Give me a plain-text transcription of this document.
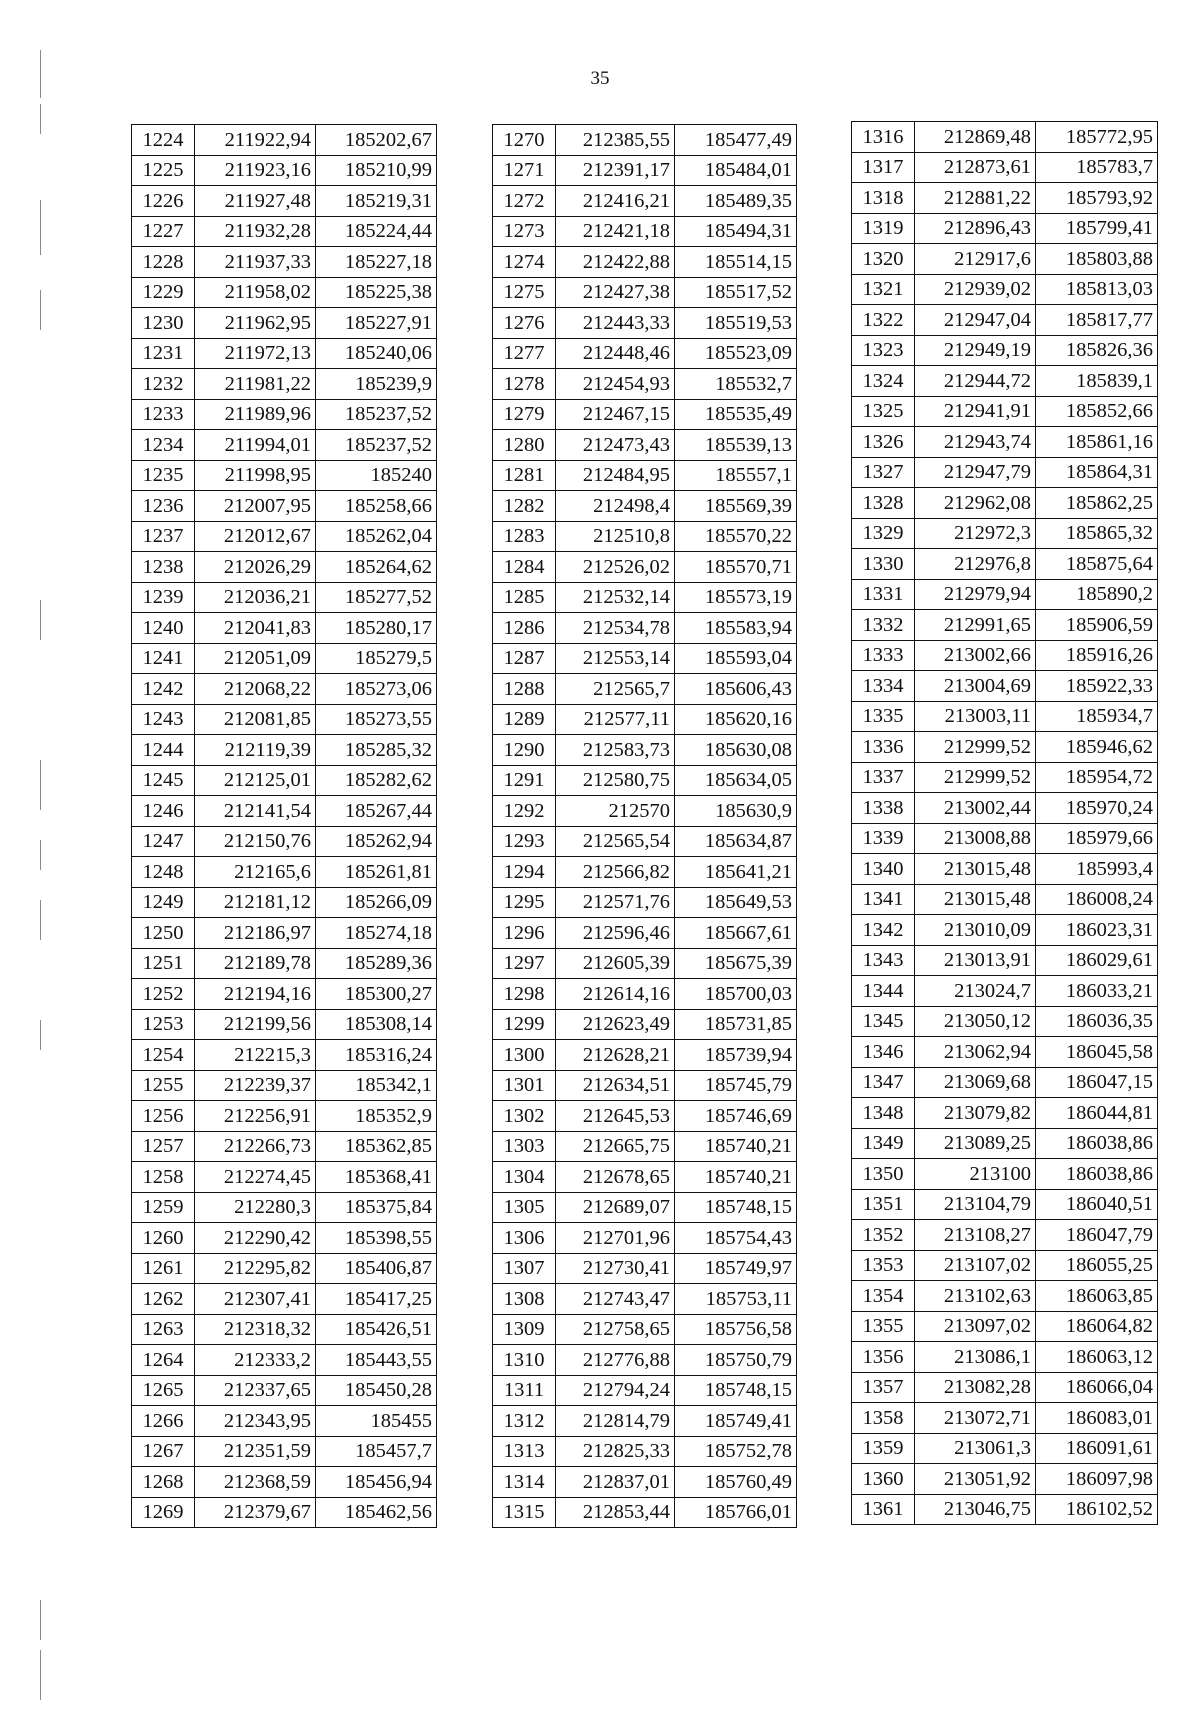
35
1224	211922,94	185202,67
1225	211923,16	185210,99
1226	211927,48	185219,31
1227	211932,28	185224,44
1228	211937,33	185227,18
1229	211958,02	185225,38
1230	211962,95	185227,91
1231	211972,13	185240,06
1232	211981,22	185239,9
1233	211989,96	185237,52
1234	211994,01	185237,52
1235	211998,95	185240
1236	212007,95	185258,66
1237	212012,67	185262,04
1238	212026,29	185264,62
1239	212036,21	185277,52
1240	212041,83	185280,17
1241	212051,09	185279,5
1242	212068,22	185273,06
1243	212081,85	185273,55
1244	212119,39	185285,32
1245	212125,01	185282,62
1246	212141,54	185267,44
1247	212150,76	185262,94
1248	212165,6	185261,81
1249	212181,12	185266,09
1250	212186,97	185274,18
1251	212189,78	185289,36
1252	212194,16	185300,27
1253	212199,56	185308,14
1254	212215,3	185316,24
1255	212239,37	185342,1
1256	212256,91	185352,9
1257	212266,73	185362,85
1258	212274,45	185368,41
1259	212280,3	185375,84
1260	212290,42	185398,55
1261	212295,82	185406,87
1262	212307,41	185417,25
1263	212318,32	185426,51
1264	212333,2	185443,55
1265	212337,65	185450,28
1266	212343,95	185455
1267	212351,59	185457,7
1268	212368,59	185456,94
1269	212379,67	185462,56
1270	212385,55	185477,49
1271	212391,17	185484,01
1272	212416,21	185489,35
1273	212421,18	185494,31
1274	212422,88	185514,15
1275	212427,38	185517,52
1276	212443,33	185519,53
1277	212448,46	185523,09
1278	212454,93	185532,7
1279	212467,15	185535,49
1280	212473,43	185539,13
1281	212484,95	185557,1
1282	212498,4	185569,39
1283	212510,8	185570,22
1284	212526,02	185570,71
1285	212532,14	185573,19
1286	212534,78	185583,94
1287	212553,14	185593,04
1288	212565,7	185606,43
1289	212577,11	185620,16
1290	212583,73	185630,08
1291	212580,75	185634,05
1292	212570	185630,9
1293	212565,54	185634,87
1294	212566,82	185641,21
1295	212571,76	185649,53
1296	212596,46	185667,61
1297	212605,39	185675,39
1298	212614,16	185700,03
1299	212623,49	185731,85
1300	212628,21	185739,94
1301	212634,51	185745,79
1302	212645,53	185746,69
1303	212665,75	185740,21
1304	212678,65	185740,21
1305	212689,07	185748,15
1306	212701,96	185754,43
1307	212730,41	185749,97
1308	212743,47	185753,11
1309	212758,65	185756,58
1310	212776,88	185750,79
1311	212794,24	185748,15
1312	212814,79	185749,41
1313	212825,33	185752,78
1314	212837,01	185760,49
1315	212853,44	185766,01
1316	212869,48	185772,95
1317	212873,61	185783,7
1318	212881,22	185793,92
1319	212896,43	185799,41
1320	212917,6	185803,88
1321	212939,02	185813,03
1322	212947,04	185817,77
1323	212949,19	185826,36
1324	212944,72	185839,1
1325	212941,91	185852,66
1326	212943,74	185861,16
1327	212947,79	185864,31
1328	212962,08	185862,25
1329	212972,3	185865,32
1330	212976,8	185875,64
1331	212979,94	185890,2
1332	212991,65	185906,59
1333	213002,66	185916,26
1334	213004,69	185922,33
1335	213003,11	185934,7
1336	212999,52	185946,62
1337	212999,52	185954,72
1338	213002,44	185970,24
1339	213008,88	185979,66
1340	213015,48	185993,4
1341	213015,48	186008,24
1342	213010,09	186023,31
1343	213013,91	186029,61
1344	213024,7	186033,21
1345	213050,12	186036,35
1346	213062,94	186045,58
1347	213069,68	186047,15
1348	213079,82	186044,81
1349	213089,25	186038,86
1350	213100	186038,86
1351	213104,79	186040,51
1352	213108,27	186047,79
1353	213107,02	186055,25
1354	213102,63	186063,85
1355	213097,02	186064,82
1356	213086,1	186063,12
1357	213082,28	186066,04
1358	213072,71	186083,01
1359	213061,3	186091,61
1360	213051,92	186097,98
1361	213046,75	186102,52
